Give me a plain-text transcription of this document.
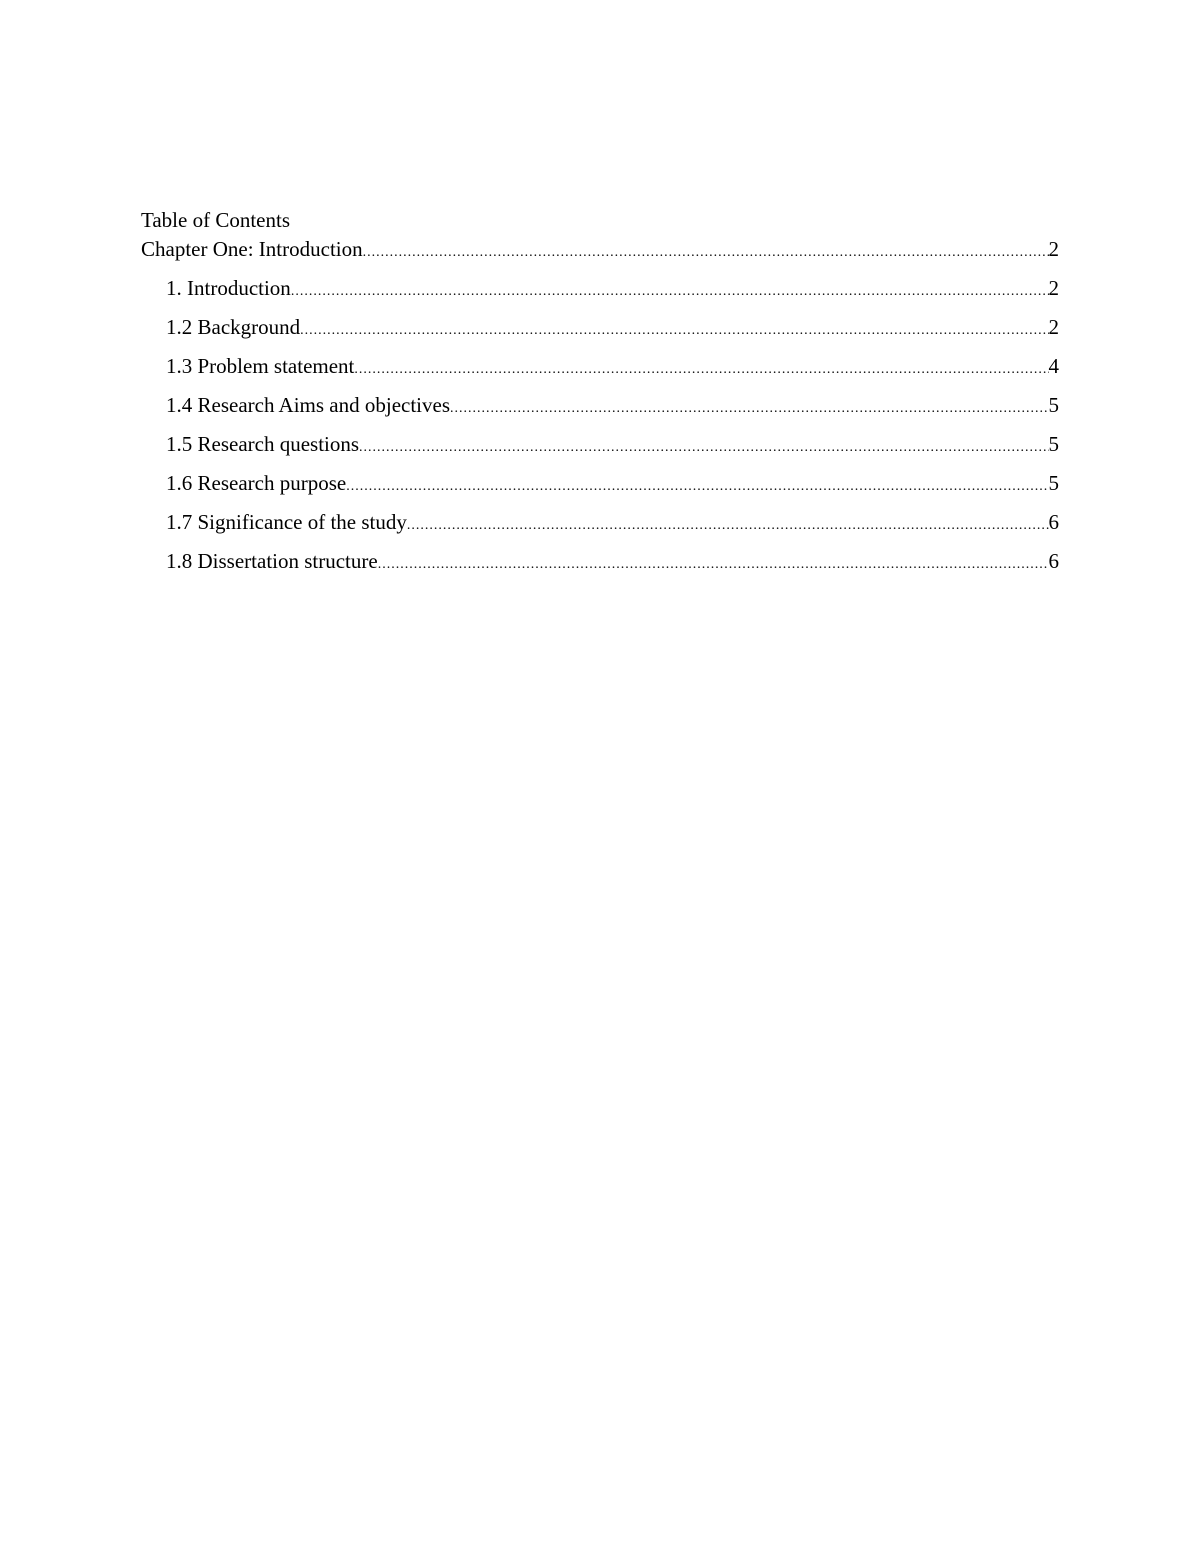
Table of Contents
Chapter One: Introduction .....	2
1. Introduction .....	2
1.2 Background .....	2
1.3 Problem statement .....	4
1.4 Research Aims and objectives .....	5
1.5 Research questions .....	5
1.6 Research purpose .....	5
1.7 Significance of the study .....	6
1.8 Dissertation structure .....	6
